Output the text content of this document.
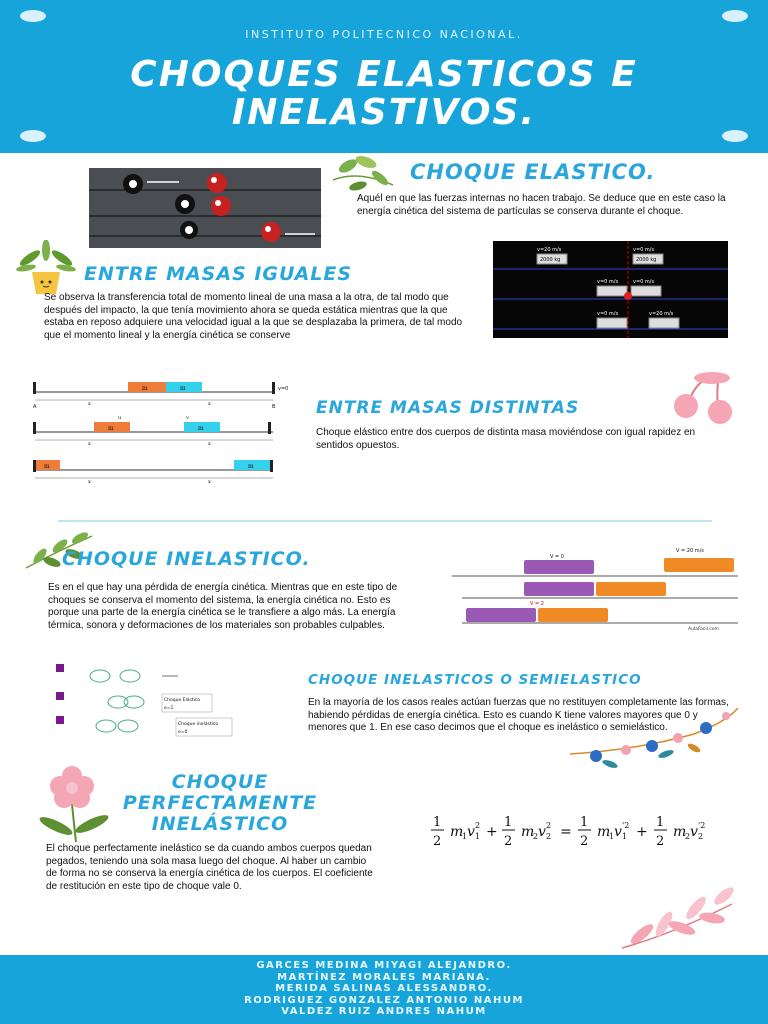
INSTITUTO POLITECNICO NACIONAL.
CHOQUES ELASTICOS E INELASTIVOS.
CHOQUE ELASTICO.
Aquél en que las fuerzas internas no hacen trabajo. Se deduce que en este caso la energía cinética del sistema de partículas se conserva durante el choque.
ENTRE MASAS IGUALES
Se observa la transferencia total de momento lineal de una masa a la otra, de tal modo que después del impacto, la que tenía movimiento ahora se queda estática mientras que la que estaba en reposo adquiere una velocidad igual a la que se desplazaba la primera, de tal modo que el momento lineal y la energía cinética se conserve
v=20 m/s	v=0 m/s
2000 kg	2000 kg
v=0 m/s	v=0 m/s
v=0 m/s	v=20 m/s
m	m
A	B
v=0
x	x
m	m
u	v
x	x
m	m
x	x
ENTRE MASAS DISTINTAS
Choque elástico entre dos cuerpos de distinta masa moviéndose con igual rapidez en sentidos opuestos.
CHOQUE INELASTICO.
Es en el que hay una pérdida de energía cinética. Mientras que en este tipo de choques se conserva el momento del sistema, la energía cinética no. Esto es porque una parte de la energía cinética se le transfiere a algo más. La energía térmica, sonora y deformaciones de los materiales son probables culpables.
V = 0
V = 20 m/s
V = 2
AulaFacil.com
Choque Elástico
e=1
Choque inelástico
e=0
CHOQUE INELASTICOS O SEMIELASTICO
En la mayoría de los casos reales actúan fuerzas que no restituyen completamente las formas, habiendo pérdidas de energía cinética. Esto es cuando K tiene valores mayores que 0 y menores que 1. En ese caso decimos que el choque es inelástico o semielástico.
CHOQUE PERFECTAMENTE INELÁSTICO
El choque perfectamente inelástico se da cuando ambos cuerpos quedan pegados, teniendo una sola masa luego del choque. Al haber un cambio de forma no se conserva la energía cinética de los cuerpos. El coeficiente de restitución en este tipo de choque vale 0.
1
2
m
1 v 1
2 +
1
2
m
2 v 2
2 =
1
2
m
1 v 1
'2 +
1
2
m
2 v 2
'2
GARCES MEDINA MIYAGI ALEJANDRO.
MARTÍNEZ MORALES MARIANA.
MERIDA SALINAS ALESSANDRO.
RODRIGUEZ GONZALEZ ANTONIO NAHUM
VALDEZ RUIZ ANDRES NAHUM
